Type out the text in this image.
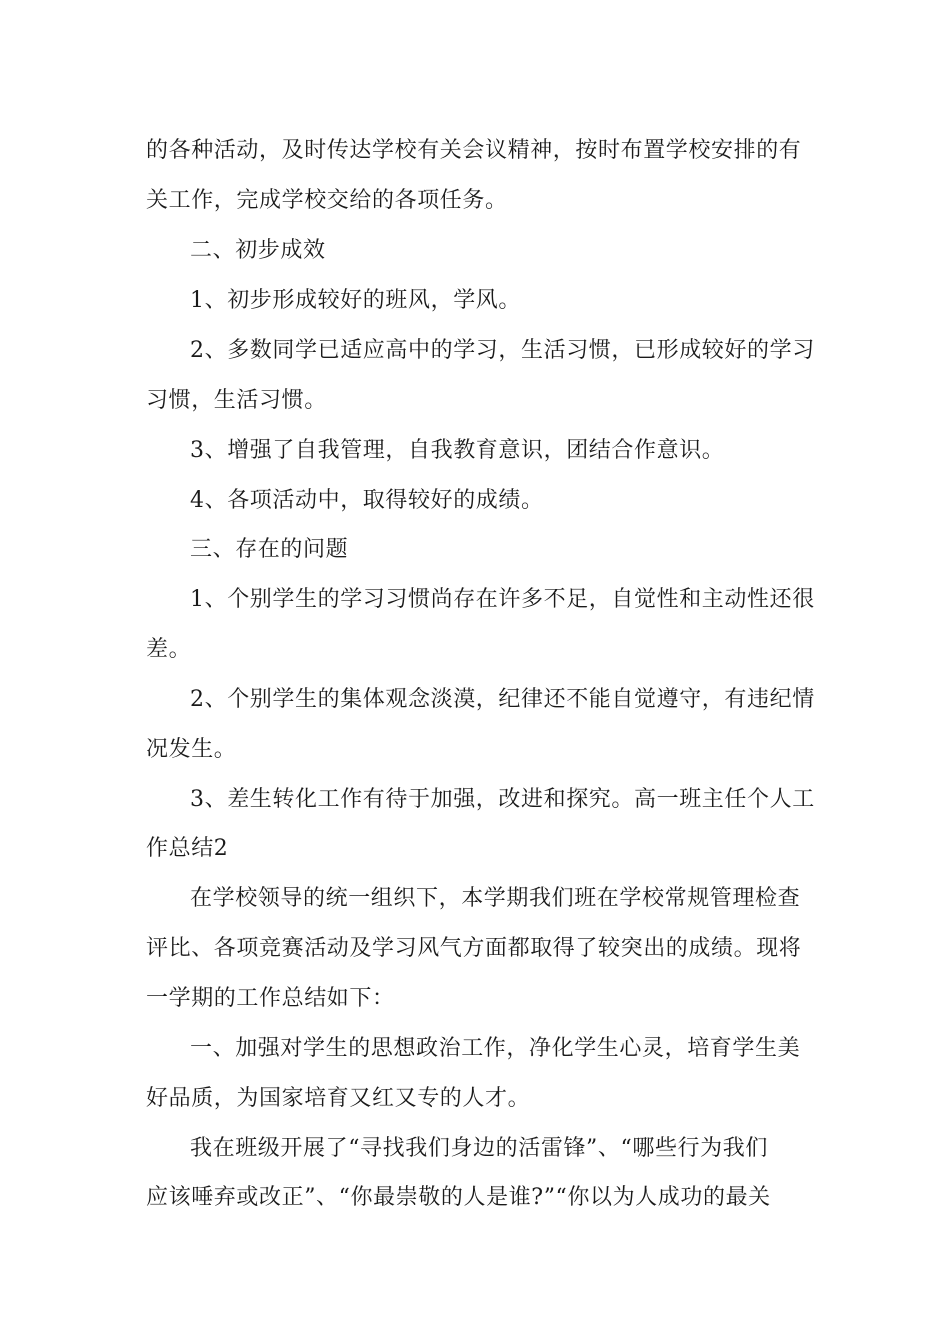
的各种活动，及时传达学校有关会议精神，按时布置学校安排的有

关工作，完成学校交给的各项任务。

二、初步成效

1、初步形成较好的班风，学风。

2、多数同学已适应高中的学习，生活习惯，已形成较好的学习

习惯，生活习惯。

3、增强了自我管理，自我教育意识，团结合作意识。

4、各项活动中，取得较好的成绩。

三、存在的问题

1、个别学生的学习习惯尚存在许多不足，自觉性和主动性还很

差。

2、个别学生的集体观念淡漠，纪律还不能自觉遵守，有违纪情

况发生。

3、差生转化工作有待于加强，改进和探究。高一班主任个人工

作总结2

在学校领导的统一组织下，本学期我们班在学校常规管理检查

评比、各项竞赛活动及学习风气方面都取得了较突出的成绩。现将

一学期的工作总结如下：

一、加强对学生的思想政治工作，净化学生心灵，培育学生美

好品质，为国家培育又红又专的人才。

我在班级开展了“寻找我们身边的活雷锋”、“哪些行为我们

应该唾弃或改正”、“你最崇敬的人是谁?”“你以为人成功的最关
